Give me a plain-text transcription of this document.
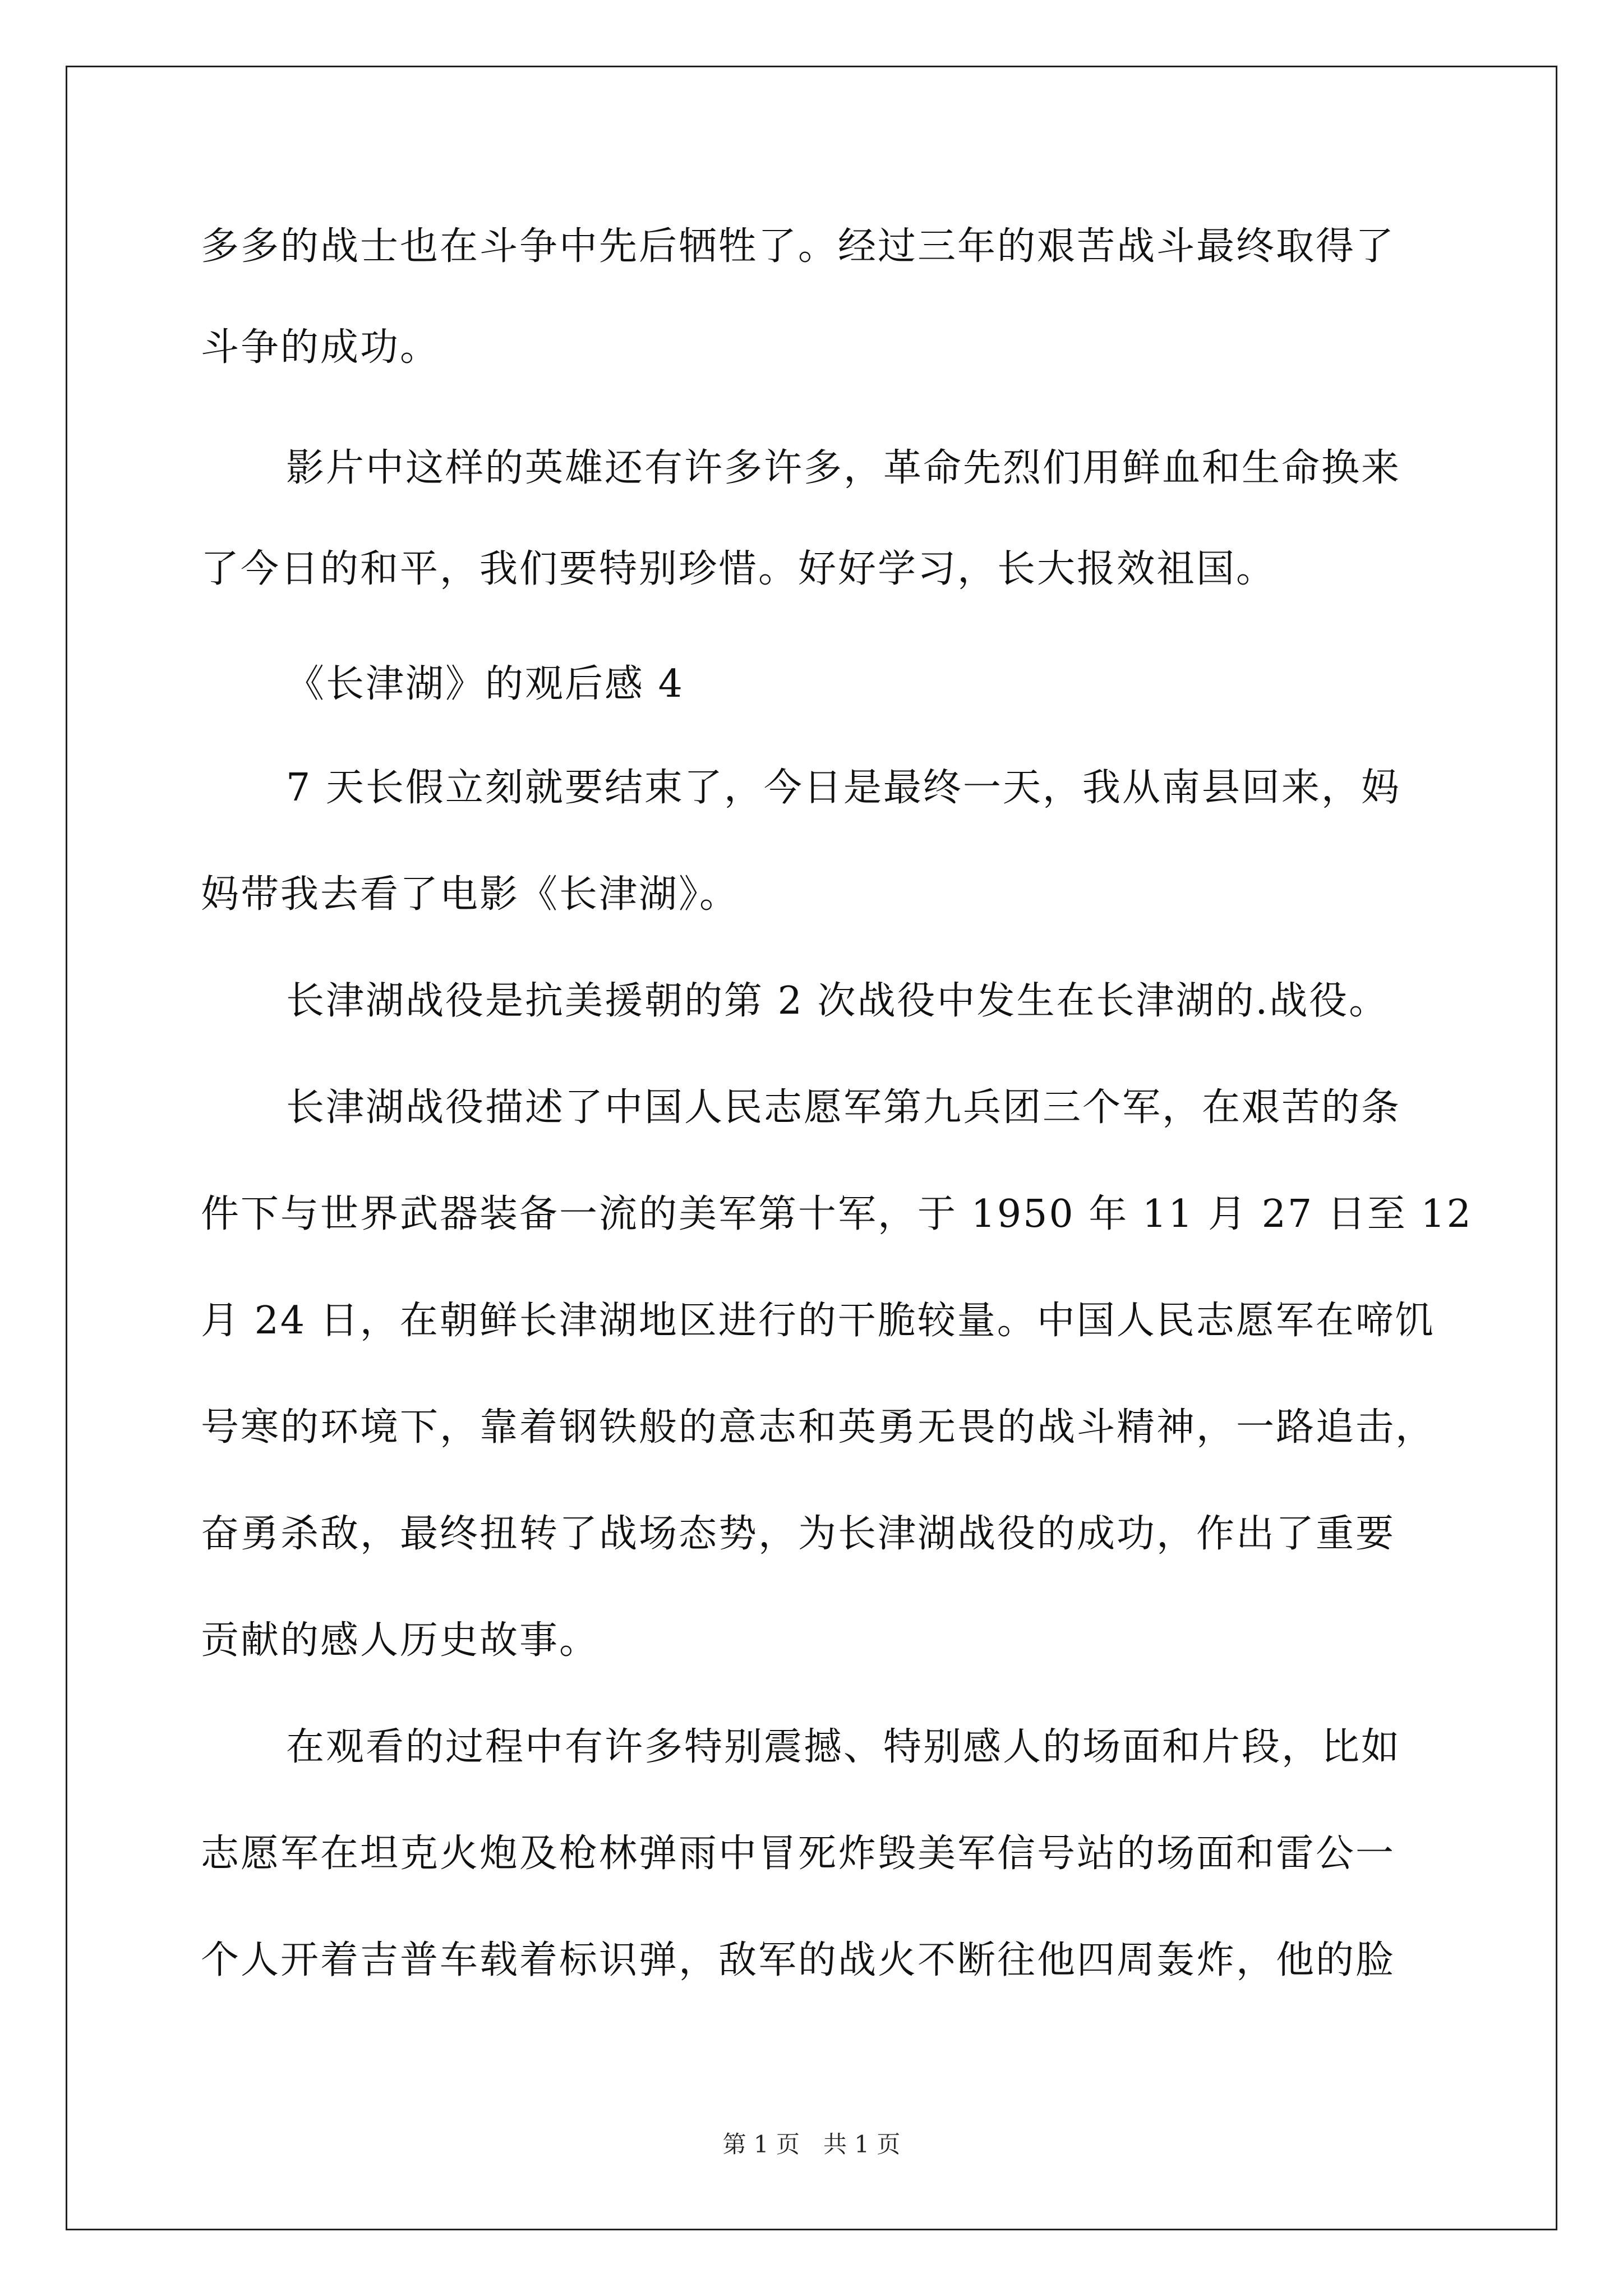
多多的战士也在斗争中先后牺牲了。经过三年的艰苦战斗最终取得了
斗争的成功。
影片中这样的英雄还有许多许多，革命先烈们用鲜血和生命换来
了今日的和平，我们要特别珍惜。好好学习，长大报效祖国。
《长津湖》的观后感 4
7 天长假立刻就要结束了，今日是最终一天，我从南县回来，妈
妈带我去看了电影《长津湖》。
长津湖战役是抗美援朝的第 2 次战役中发生在长津湖的.战役。
长津湖战役描述了中国人民志愿军第九兵团三个军，在艰苦的条
件下与世界武器装备一流的美军第十军，于 1950 年 11 月 27 日至 12
月 24 日，在朝鲜长津湖地区进行的干脆较量。中国人民志愿军在啼饥
号寒的环境下，靠着钢铁般的意志和英勇无畏的战斗精神，一路追击，
奋勇杀敌，最终扭转了战场态势，为长津湖战役的成功，作出了重要
贡献的感人历史故事。
在观看的过程中有许多特别震撼、特别感人的场面和片段，比如
志愿军在坦克火炮及枪林弹雨中冒死炸毁美军信号站的场面和雷公一
个人开着吉普车载着标识弹，敌军的战火不断往他四周轰炸，他的脸
第 1 页　共 1 页
